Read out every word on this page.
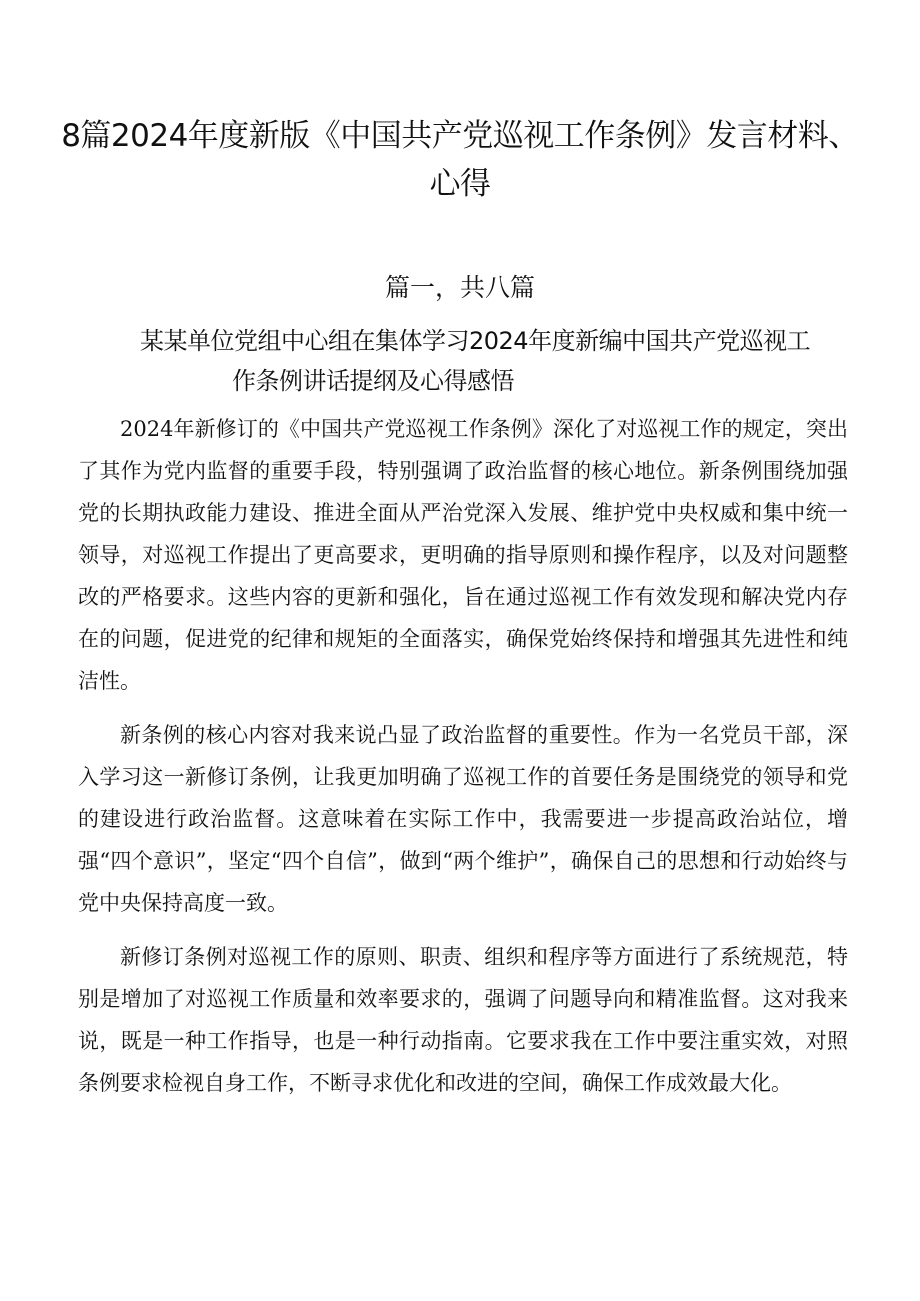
8篇2024年度新版《中国共产党巡视工作条例》发言材料、心得
篇一，共八篇
某某单位党组中心组在集体学习2024年度新编中国共产党巡视工
作条例讲话提纲及心得感悟

2024年新修订的《中国共产党巡视工作条例》深化了对巡视工作的规定，突出了其作为党内监督的重要手段，特别强调了政治监督的核心地位。新条例围绕加强党的长期执政能力建设、推进全面从严治党深入发展、维护党中央权威和集中统一领导，对巡视工作提出了更高要求，更明确的指导原则和操作程序，以及对问题整改的严格要求。这些内容的更新和强化，旨在通过巡视工作有效发现和解决党内存在的问题，促进党的纪律和规矩的全面落实，确保党始终保持和增强其先进性和纯洁性。

新条例的核心内容对我来说凸显了政治监督的重要性。作为一名党员干部，深入学习这一新修订条例，让我更加明确了巡视工作的首要任务是围绕党的领导和党的建设进行政治监督。这意味着在实际工作中，我需要进一步提高政治站位，增强“四个意识”，坚定“四个自信”，做到“两个维护”，确保自己的思想和行动始终与党中央保持高度一致。

新修订条例对巡视工作的原则、职责、组织和程序等方面进行了系统规范，特别是增加了对巡视工作质量和效率要求的，强调了问题导向和精准监督。这对我来说，既是一种工作指导，也是一种行动指南。它要求我在工作中要注重实效，对照条例要求检视自身工作，不断寻求优化和改进的空间，确保工作成效最大化。
